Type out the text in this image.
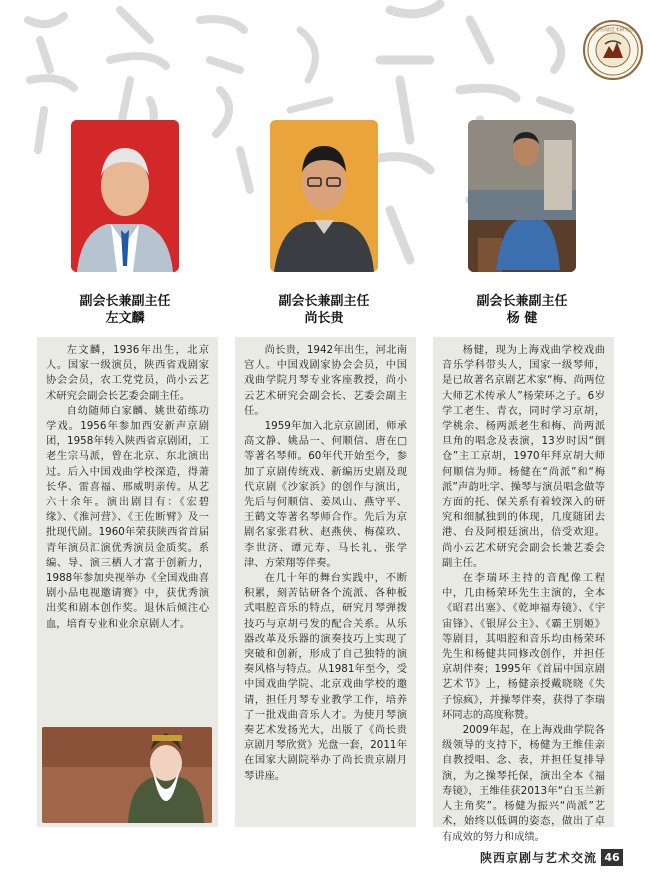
陕西京剧艺术研究会
副会长兼副主任
左文麟
副会长兼副主任
尚长贵
副会长兼副主任
杨 健

左文麟，1936年出生，北京人。国家一级演员，陕西省戏剧家协会会员，农工党党员，尚小云艺术研究会副会长艺委会副主任。

自幼随师白家麟、姚世茹练功学戏。1956年参加西安新声京剧团，1958年转入陕西省京剧团，工老生宗马派，曾在北京、东北演出过。后入中国戏曲学校深造，得萧长华、雷喜福、邢威明亲传。从艺六十余年。演出剧目有：《宏碧缘》、《淮河营》、《王佐断臂》及一批现代剧。1960年荣获陕西省首届青年演员汇演优秀演员金质奖。系编、导、演三栖人才富于创新力，1988年参加央视举办《全国戏曲喜剧小品电视邀请赛》中，获优秀演出奖和剧本创作奖。退休后倾注心血，培育专业和业余京剧人才。

尚长贵，1942年出生，河北南宫人。中国戏剧家协会会员，中国戏曲学院月琴专业客座教授，尚小云艺术研究会副会长、艺委会副主任。

1959年加入北京京剧团，师承高文静、姚品一、何顺信、唐在□等著名琴师。60年代开始至今，参加了京剧传统戏、新编历史剧及现代京剧《沙家浜》的创作与演出，先后与何顺信、姜凤山、燕守平、王鹤文等著名琴师合作。先后为京剧名家张君秋、赵燕侠、梅葆玖、李世济、谭元寿、马长礼、张学津、方荣翔等伴奏。

在几十年的舞台实践中，不断积累，刻苦钻研各个流派、各种板式唱腔音乐的特点，研究月琴弹拨技巧与京胡弓发的配合关系。从乐器改革及乐器的演奏技巧上实现了突破和创新，形成了自己独特的演奏风格与特点。从1981年至今，受中国戏曲学院、北京戏曲学校的邀请，担任月琴专业教学工作，培养了一批戏曲音乐人才。为使月琴演奏艺术发扬光大，出版了《尚长贵京剧月琴欣赏》光盘一套，2011年在国家大剧院举办了尚长贵京剧月琴讲座。

杨健，现为上海戏曲学校戏曲音乐学科带头人，国家一级琴师，是已故著名京剧艺术家“梅、尚两位大师艺术传承人”杨荣环之子。6岁学工老生、青衣，同时学习京胡，学桃余、杨两派老生和梅、尚两派旦角的唱念及表演，13岁时因“倒仓”主工京胡，1970年拜京胡大师何顺信为师。杨健在“尚派”和“梅派”声韵吐字、操琴与演员唱念做等方面的托、保关系有着较深入的研究和细腻独到的体现，几度随团去港、台及阿根廷演出，倍受欢迎。尚小云艺术研究会副会长兼艺委会副主任。

在李瑞环主持的音配像工程中，几由杨荣环先生主演的，全本《昭君出塞》、《乾坤福寿镜》、《宇宙锋》、《银屏公主》、《霸王别姬》等剧目，其唱腔和音乐均由杨荣环先生和杨健共同修改创作，并担任京胡伴奏；1995年《首届中国京剧艺术节》上，杨健亲授戴晓晓《失子惊疯》，并操琴伴奏，获得了李瑞环同志的高度称赞。

2009年起，在上海戏曲学院各级领导的支持下，杨健为王维佳亲自教授唱、念、表，并担任复排导演，为之操琴托保，演出全本《福寿镜》，王维佳获2013年“白玉兰新人主角奖”。杨健为振兴“尚派”艺术，始终以低调的姿态，做出了卓有成效的努力和成绩。

陕西京剧与艺术交流 46
